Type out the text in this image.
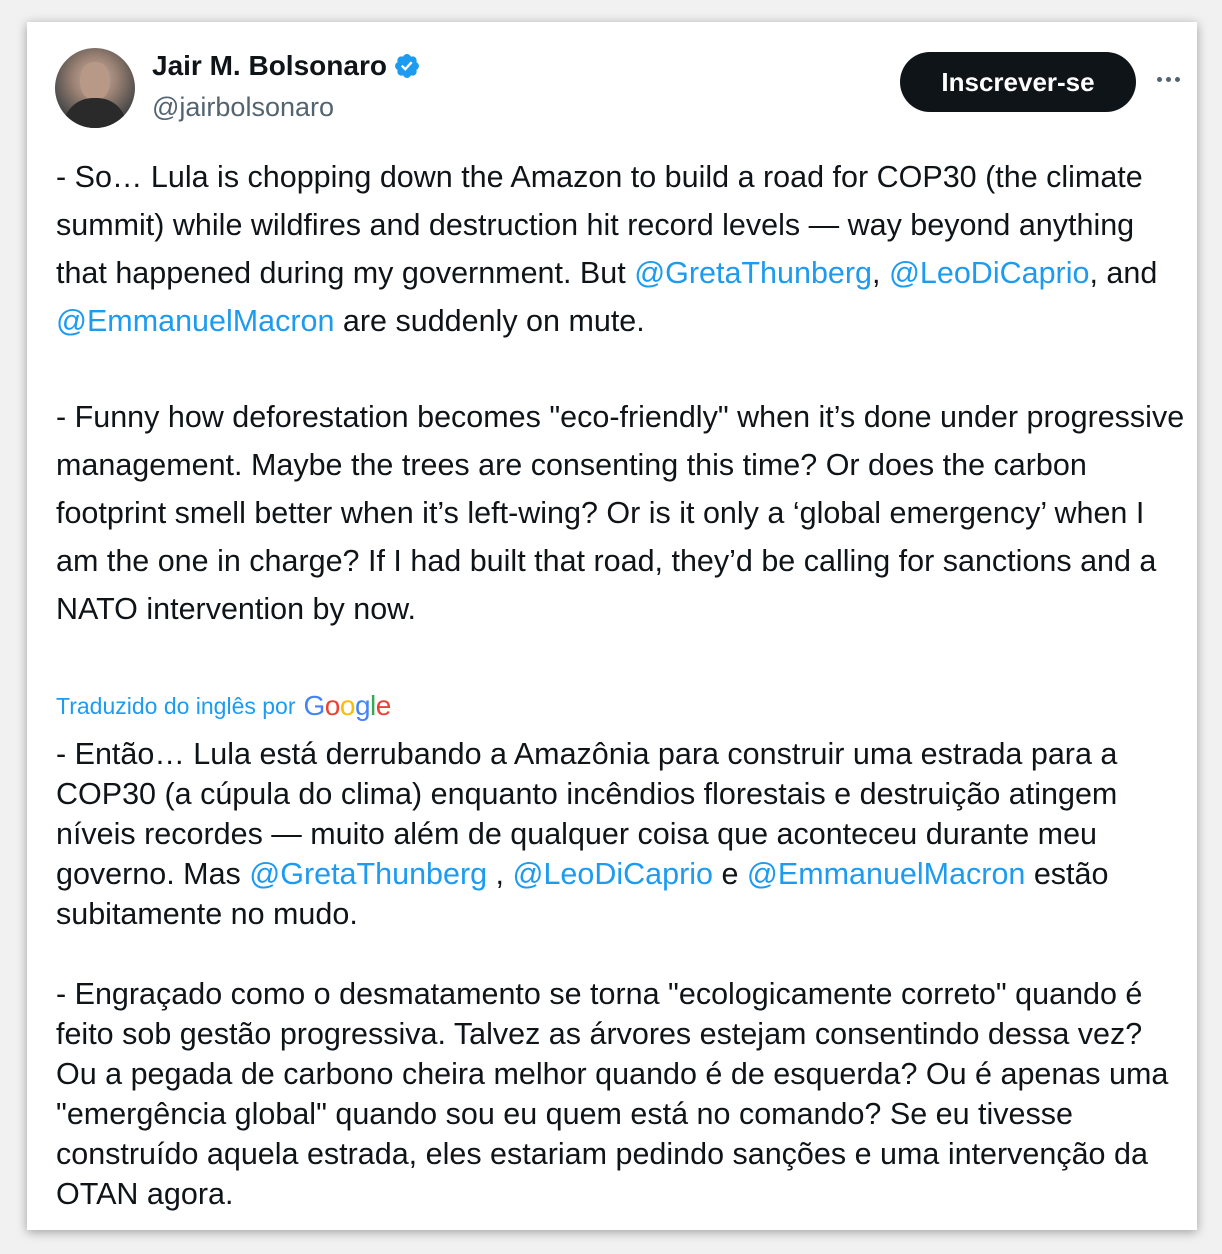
Jair M. Bolsonaro
@jairbolsonaro
Inscrever-se
- So… Lula is chopping down the Amazon to build a road for COP30 (the climate summit) while wildfires and destruction hit record levels — way beyond anything that happened during my government. But @GretaThunberg, @LeoDiCaprio, and @EmmanuelMacron are suddenly on mute.
- Funny how deforestation becomes "eco-friendly" when it’s done under progressive management. Maybe the trees are consenting this time? Or does the carbon footprint smell better when it’s left-wing? Or is it only a ‘global emergency’ when I am the one in charge? If I had built that road, they’d be calling for sanctions and a NATO intervention by now.
Traduzido do inglês por Google
- Então… Lula está derrubando a Amazônia para construir uma estrada para a COP30 (a cúpula do clima) enquanto incêndios florestais e destruição atingem níveis recordes — muito além de qualquer coisa que aconteceu durante meu governo. Mas @GretaThunberg , @LeoDiCaprio e @EmmanuelMacron estão subitamente no mudo.
- Engraçado como o desmatamento se torna "ecologicamente correto" quando é feito sob gestão progressiva. Talvez as árvores estejam consentindo dessa vez? Ou a pegada de carbono cheira melhor quando é de esquerda? Ou é apenas uma "emergência global" quando sou eu quem está no comando? Se eu tivesse construído aquela estrada, eles estariam pedindo sanções e uma intervenção da OTAN agora.
